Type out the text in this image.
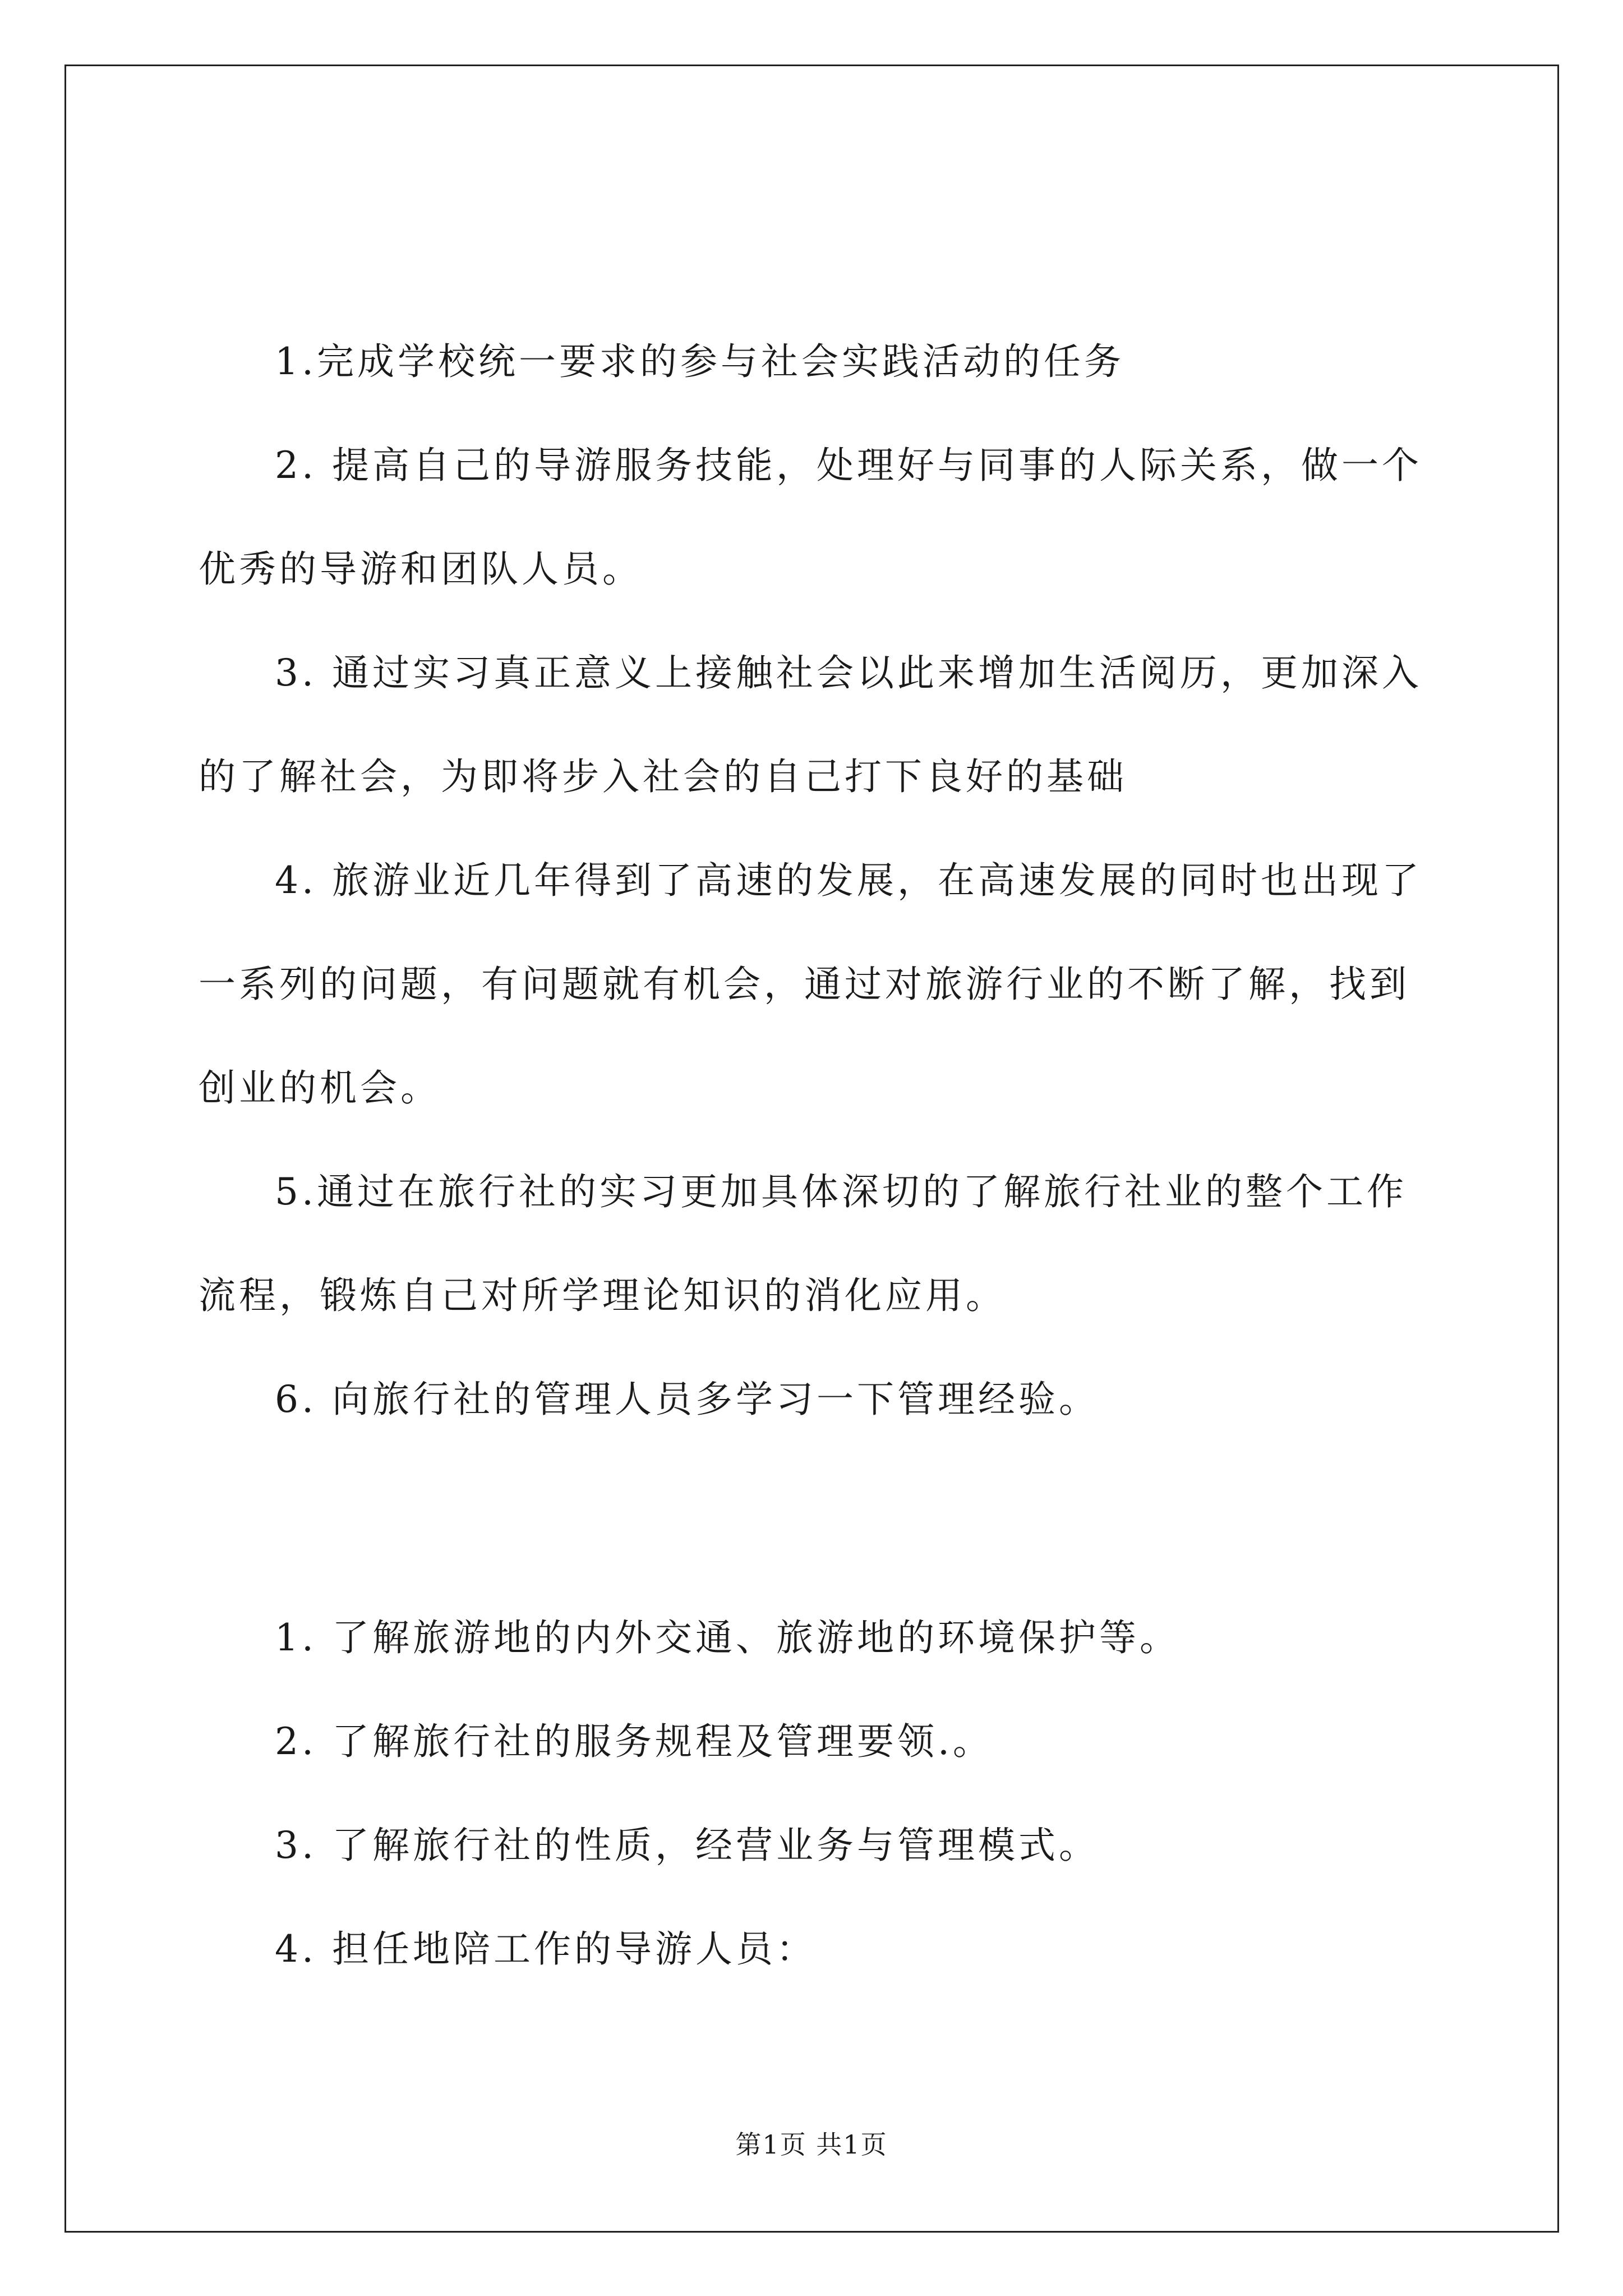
1.完成学校统一要求的参与社会实践活动的任务

2. 提高自己的导游服务技能，处理好与同事的人际关系，做一个

优秀的导游和团队人员。

3. 通过实习真正意义上接触社会以此来增加生活阅历，更加深入

的了解社会，为即将步入社会的自己打下良好的基础

4. 旅游业近几年得到了高速的发展，在高速发展的同时也出现了

一系列的问题，有问题就有机会，通过对旅游行业的不断了解，找到

创业的机会。

5.通过在旅行社的实习更加具体深切的了解旅行社业的整个工作

流程，锻炼自己对所学理论知识的消化应用。

6. 向旅行社的管理人员多学习一下管理经验。

1. 了解旅游地的内外交通、旅游地的环境保护等。

2. 了解旅行社的服务规程及管理要领.。

3. 了解旅行社的性质，经营业务与管理模式。

4. 担任地陪工作的导游人员：

第1页 共1页
